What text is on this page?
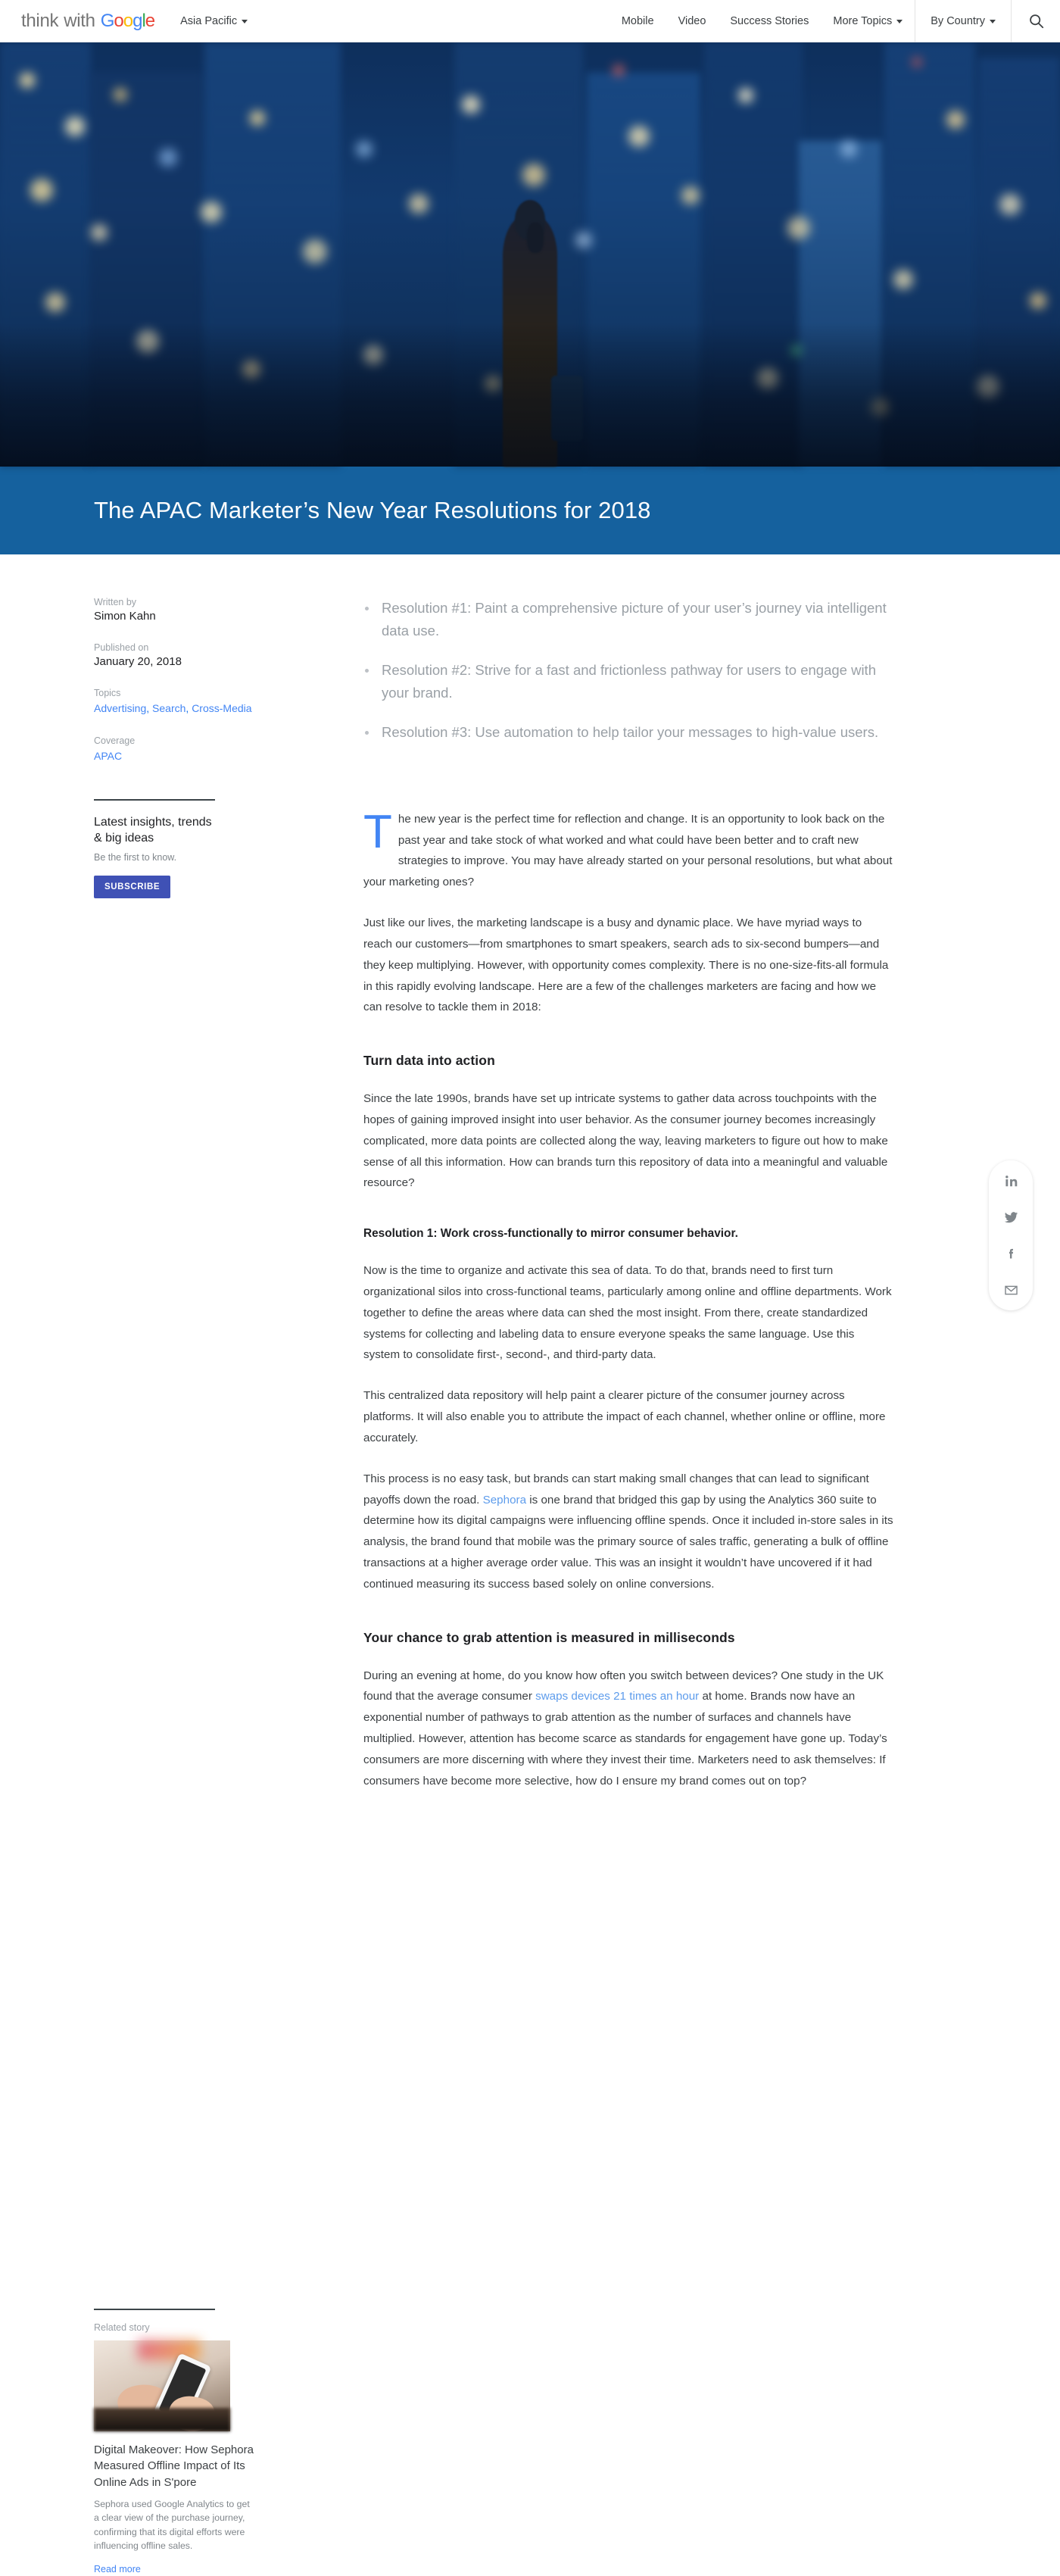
think with Google Asia Pacific	Mobile	Video	Success Stories	More Topics	By Country
The APAC Marketer’s New Year Resolutions for 2018
Written by
Simon Kahn
Published on
January 20, 2018
Topics
Advertising, Search, Cross-Media
Coverage
APAC

Latest insights, trends & big ideas

Be the first to know.
SUBSCRIBE
Related story
Digital Makeover: How Sephora Measured Offline Impact of Its Online Ads in S'pore
Sephora used Google Analytics to get a clear view of the purchase journey, confirming that its digital efforts were influencing offline sales.
Read more
Resolution #1: Paint a comprehensive picture of your user’s journey via intelligent data use.
Resolution #2: Strive for a fast and frictionless pathway for users to engage with your brand.
Resolution #3: Use automation to help tailor your messages to high-value users.

The new year is the perfect time for reflection and change. It is an opportunity to look back on the past year and take stock of what worked and what could have been better and to craft new strategies to improve. You may have already started on your personal resolutions, but what about your marketing ones?

Just like our lives, the marketing landscape is a busy and dynamic place. We have myriad ways to reach our customers—from smartphones to smart speakers, search ads to six-second bumpers—and they keep multiplying. However, with opportunity comes complexity. There is no one-size-fits-all formula in this rapidly evolving landscape. Here are a few of the challenges marketers are facing and how we can resolve to tackle them in 2018:

Turn data into action

Since the late 1990s, brands have set up intricate systems to gather data across touchpoints with the hopes of gaining improved insight into user behavior. As the consumer journey becomes increasingly complicated, more data points are collected along the way, leaving marketers to figure out how to make sense of all this information. How can brands turn this repository of data into a meaningful and valuable resource?

Resolution 1: Work cross-functionally to mirror consumer behavior.

Now is the time to organize and activate this sea of data. To do that, brands need to first turn organizational silos into cross-functional teams, particularly among online and offline departments. Work together to define the areas where data can shed the most insight. From there, create standardized systems for collecting and labeling data to ensure everyone speaks the same language. Use this system to consolidate first-, second-, and third-party data.

This centralized data repository will help paint a clearer picture of the consumer journey across platforms. It will also enable you to attribute the impact of each channel, whether online or offline, more accurately.

This process is no easy task, but brands can start making small changes that can lead to significant payoffs down the road. Sephora is one brand that bridged this gap by using the Analytics 360 suite to determine how its digital campaigns were influencing offline spends. Once it included in-store sales in its analysis, the brand found that mobile was the primary source of sales traffic, generating a bulk of offline transactions at a higher average order value. This was an insight it wouldn’t have uncovered if it had continued measuring its success based solely on online conversions.

Your chance to grab attention is measured in milliseconds

During an evening at home, do you know how often you switch between devices? One study in the UK found that the average consumer swaps devices 21 times an hour at home. Brands now have an exponential number of pathways to grab attention as the number of surfaces and channels have multiplied. However, attention has become scarce as standards for engagement have gone up. Today’s consumers are more discerning with where they invest their time. Marketers need to ask themselves: If consumers have become more selective, how do I ensure my brand comes out on top?
